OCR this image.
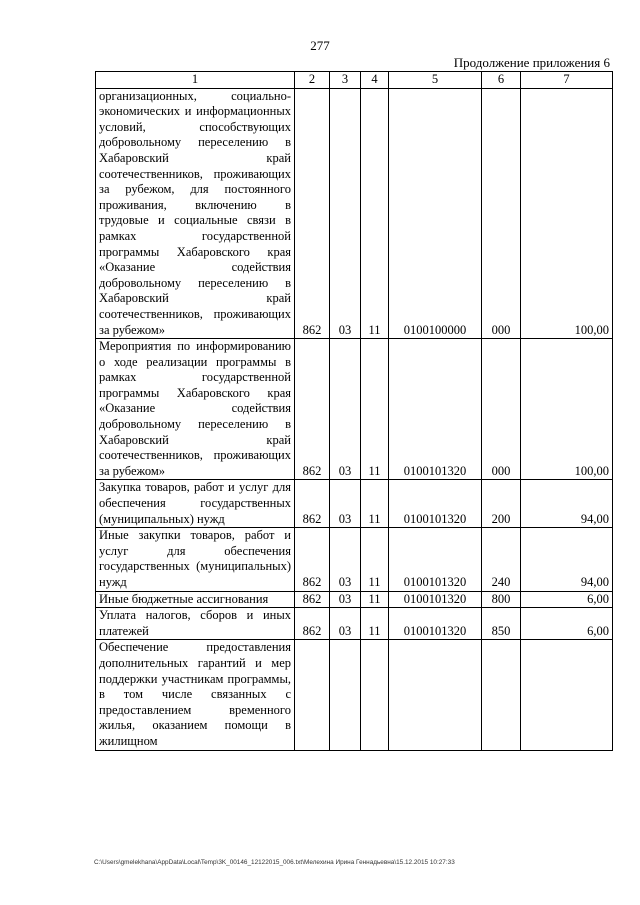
277
Продолжение приложения 6
1	2	3	4	5	6	7
организационных, социально-экономических и информационных условий, способствующих добровольному переселению в Хабаровский край соотечественников, проживающих за рубежом, для постоянного проживания, включению в трудовые и социальные связи в рамках государственной программы Хабаровского края «Оказание содействия добровольному переселению в Хабаровский край соотечественников, проживающих за рубежом»	862	03	11	0100100000	000	100,00
Мероприятия по информированию о ходе реализации программы в рамках государственной программы Хабаровского края «Оказание содействия добровольному переселению в Хабаровский край соотечественников, проживающих за рубежом»	862	03	11	0100101320	000	100,00
Закупка товаров, работ и услуг для обеспечения государственных (муниципальных) нужд	862	03	11	0100101320	200	94,00
Иные закупки товаров, работ и услуг для обеспечения государственных (муниципальных) нужд	862	03	11	0100101320	240	94,00
Иные бюджетные ассигнования	862	03	11	0100101320	800	6,00
Уплата налогов, сборов и иных платежей	862	03	11	0100101320	850	6,00
Обеспечение предоставления дополнительных гарантий и мер поддержки участникам программы, в том числе связанных с предоставлением временного жилья, оказанием помощи в жилищном						
C:\Users\gmelekhana\AppData\Local\Temp\3K_00146_12122015_006.txt\Мелехина Ирина Геннадьевна\15.12.2015 10:27:33
